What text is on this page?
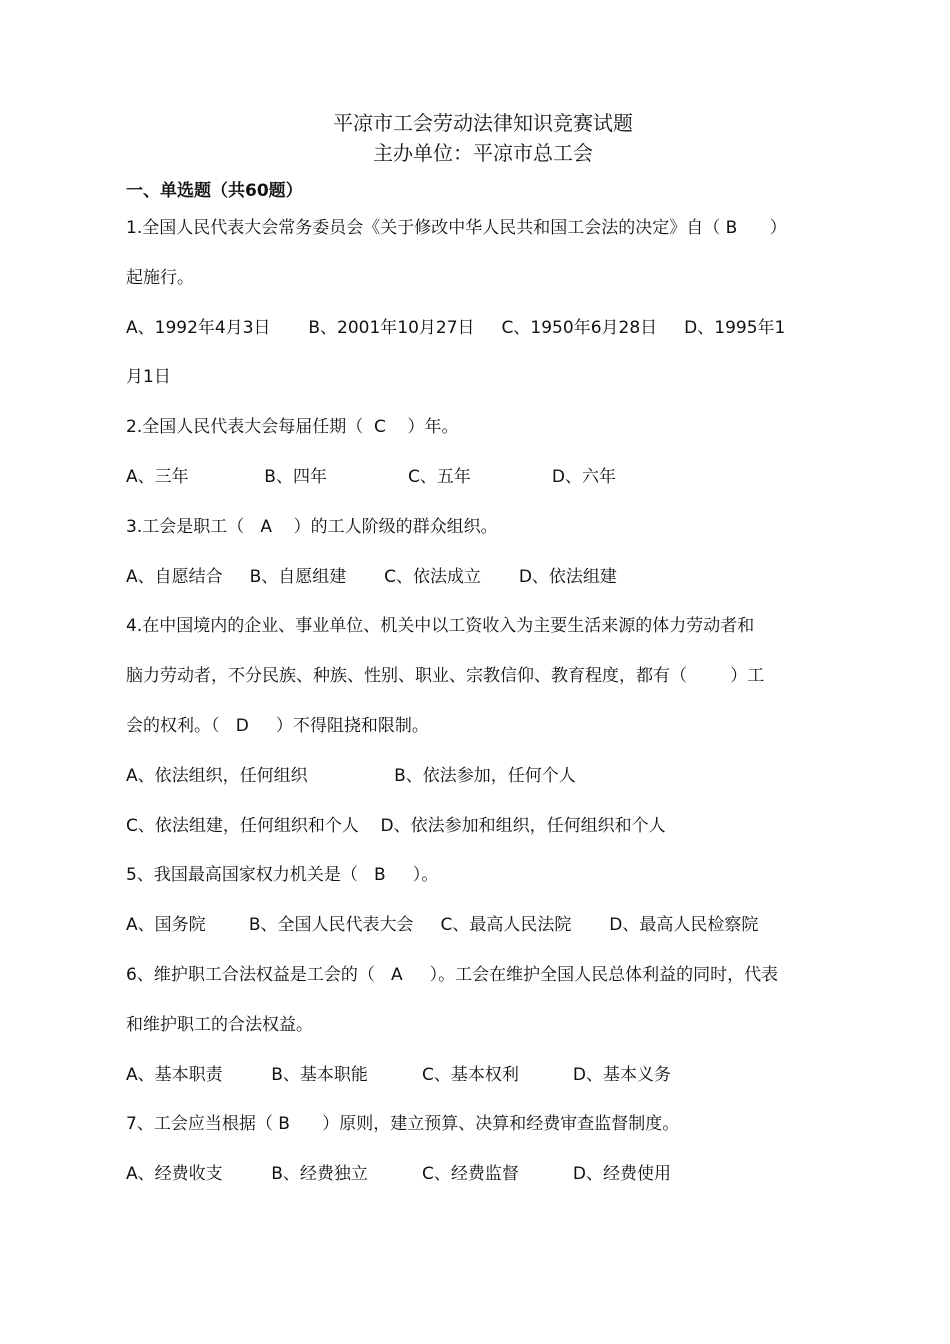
平凉市工会劳动法律知识竞赛试题
主办单位：平凉市总工会
一、单选题（共60题）
1.全国人民代表大会常务委员会《关于修改中华人民共和国工会法的决定》自（ B      ）
起施行。
A、1992年4月3日       B、2001年10月27日     C、1950年6月28日     D、1995年1
月1日
2.全国人民代表大会每届任期（  C    ）年。
A、三年              B、四年               C、五年               D、六年
3.工会是职工（   A    ）的工人阶级的群众组织。
A、自愿结合     B、自愿组建       C、依法成立       D、依法组建
4.在中国境内的企业、事业单位、机关中以工资收入为主要生活来源的体力劳动者和
脑力劳动者，不分民族、种族、性别、职业、宗教信仰、教育程度，都有（        ）工
会的权利。（   D     ）不得阻挠和限制。
A、依法组织，任何组织                B、依法参加，任何个人
C、依法组建，任何组织和个人    D、依法参加和组织，任何组织和个人
5、我国最高国家权力机关是（   B     ）。
A、国务院        B、全国人民代表大会     C、最高人民法院       D、最高人民检察院
6、维护职工合法权益是工会的（   A     ）。工会在维护全国人民总体利益的同时，代表
和维护职工的合法权益。
A、基本职责         B、基本职能          C、基本权利          D、基本义务
7、工会应当根据（ B      ）原则，建立预算、决算和经费审查监督制度。
A、经费收支         B、经费独立          C、经费监督          D、经费使用
